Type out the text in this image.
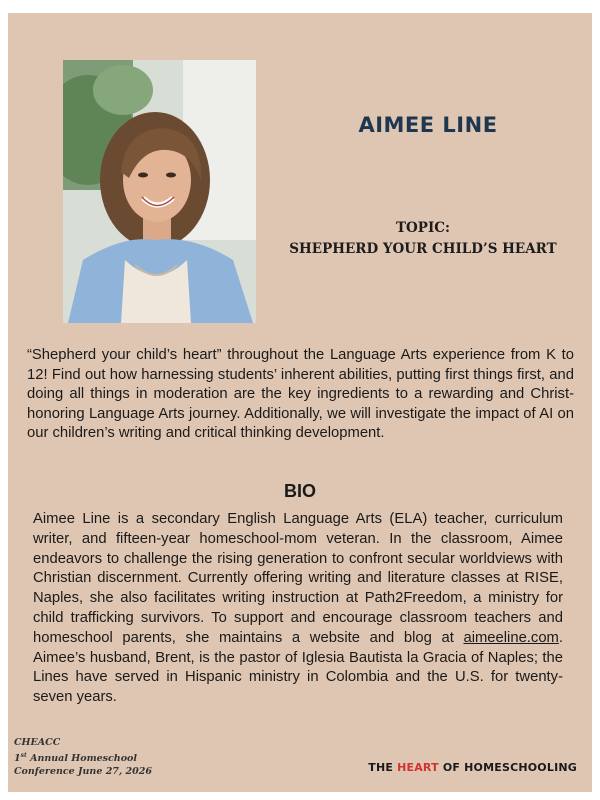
AIMEE LINE
TOPIC:
SHEPHERD YOUR CHILD’S HEART
“Shepherd your child’s heart” throughout the Language Arts experience from K to 12! Find out how harnessing students’ inherent abilities, putting first things first, and doing all things in moderation are the key ingredients to a rewarding and Christ-honoring Language Arts journey. Additionally, we will investigate the impact of AI on our children’s writing and critical thinking development.
BIO
Aimee Line is a secondary English Language Arts (ELA) teacher, curriculum writer, and fifteen-year homeschool-mom veteran. In the classroom, Aimee endeavors to challenge the rising generation to confront secular worldviews with Christian discernment. Currently offering writing and literature classes at RISE, Naples, she also facilitates writing instruction at Path2Freedom, a ministry for child trafficking survivors. To support and encourage classroom teachers and homeschool parents, she maintains a website and blog at aimeeline.com. Aimee’s husband, Brent, is the pastor of Iglesia Bautista la Gracia of Naples; the Lines have served in Hispanic ministry in Colombia and the U.S. for twenty-seven years.
CHEACC
1st Annual Homeschool
Conference June 27, 2026	THE HEART OF HOMESCHOOLING
